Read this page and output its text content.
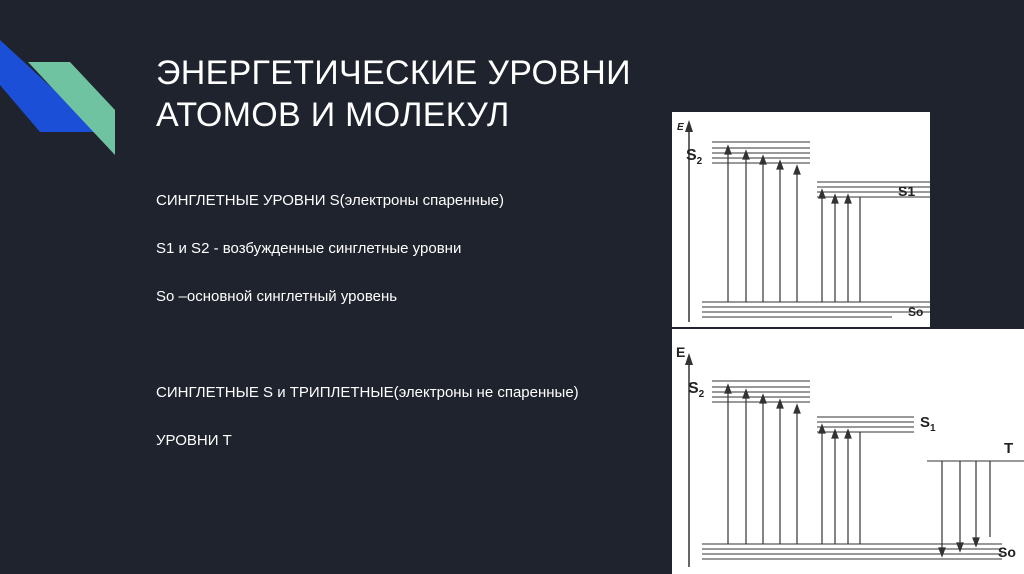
ЭНЕРГЕТИЧЕСКИЕ УРОВНИ АТОМОВ И МОЛЕКУЛ
СИНГЛЕТНЫЕ УРОВНИ S(электроны спаренные)
S1 и S2 - возбужденные синглетные уровни
So –основной синглетный уровень
СИНГЛЕТНЫЕ S и ТРИПЛЕТНЫЕ(электроны не спаренные)
УРОВНИ Т
E
$S_2$
S1
So
E
$S_2$
$S_1$
T
So
